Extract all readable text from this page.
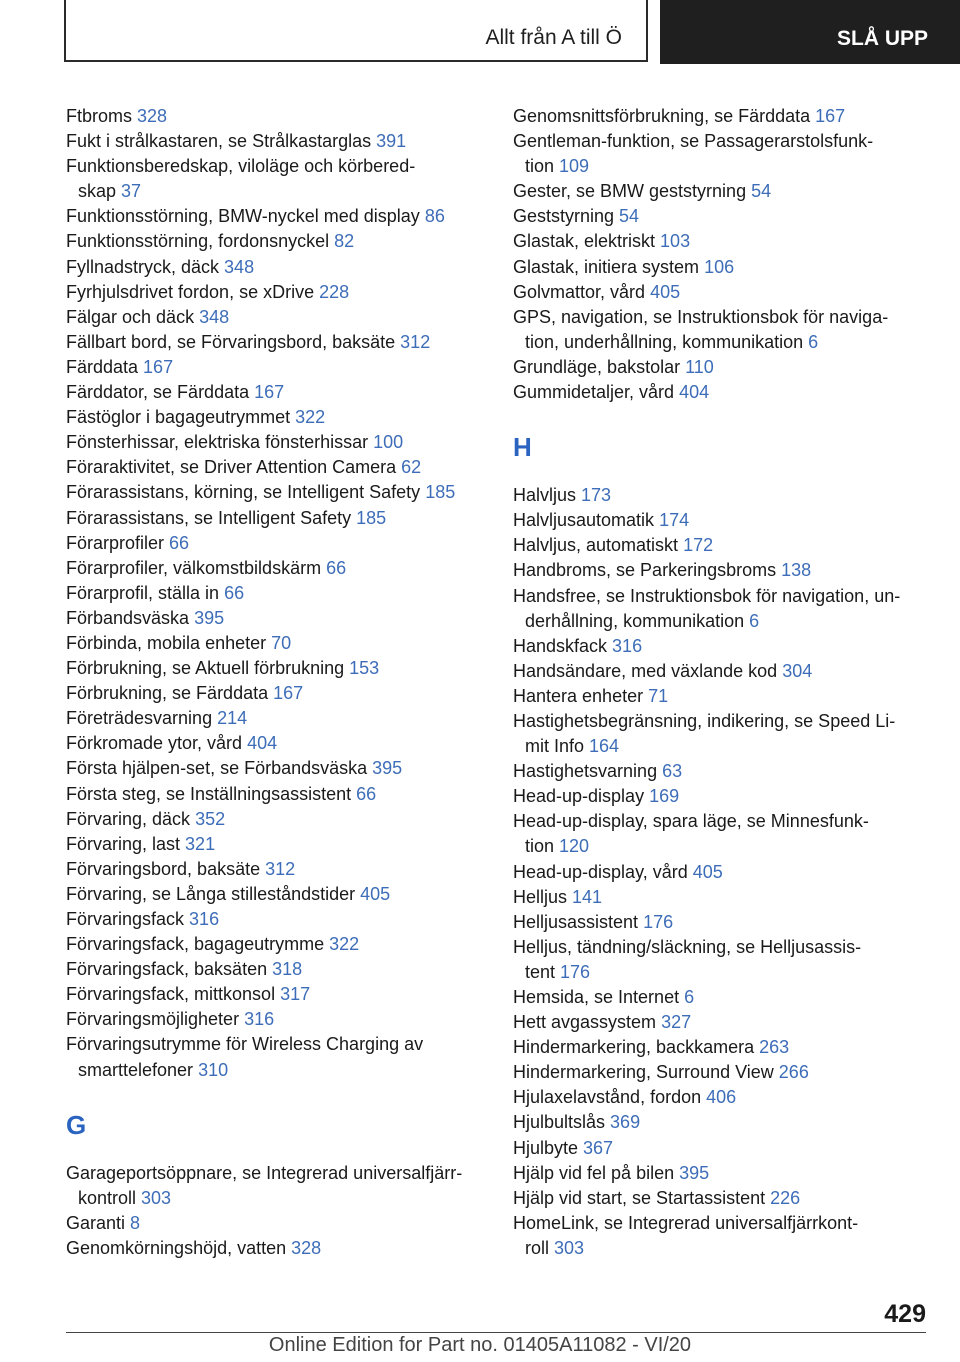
Allt från A till Ö	SLÅ UPP
Ftbroms 328
Fukt i strålkastaren, se Strålkastarglas 391
Funktionsberedskap, viloläge och körbered-
skap 37
Funktionsstörning, BMW-nyckel med display 86
Funktionsstörning, fordonsnyckel 82
Fyllnadstryck, däck 348
Fyrhjulsdrivet fordon, se xDrive 228
Fälgar och däck 348
Fällbart bord, se Förvaringsbord, baksäte 312
Färddata 167
Färddator, se Färddata 167
Fästöglor i bagageutrymmet 322
Fönsterhissar, elektriska fönsterhissar 100
Föraraktivitet, se Driver Attention Camera 62
Förarassistans, körning, se Intelligent Safety 185
Förarassistans, se Intelligent Safety 185
Förarprofiler 66
Förarprofiler, välkomstbildskärm 66
Förarprofil, ställa in 66
Förbandsväska 395
Förbinda, mobila enheter 70
Förbrukning, se Aktuell förbrukning 153
Förbrukning, se Färddata 167
Företrädesvarning 214
Förkromade ytor, vård 404
Första hjälpen-set, se Förbandsväska 395
Första steg, se Inställningsassistent 66
Förvaring, däck 352
Förvaring, last 321
Förvaringsbord, baksäte 312
Förvaring, se Långa stilleståndstider 405
Förvaringsfack 316
Förvaringsfack, bagageutrymme 322
Förvaringsfack, baksäten 318
Förvaringsfack, mittkonsol 317
Förvaringsmöjligheter 316
Förvaringsutrymme för Wireless Charging av
smarttelefoner 310
G
Garageportsöppnare, se Integrerad universalfjärr-
kontroll 303
Garanti 8
Genomkörningshöjd, vatten 328
Genomsnittsförbrukning, se Färddata 167
Gentleman-funktion, se Passagerarstolsfunk-
tion 109
Gester, se BMW geststyrning 54
Geststyrning 54
Glastak, elektriskt 103
Glastak, initiera system 106
Golvmattor, vård 405
GPS, navigation, se Instruktionsbok för naviga-
tion, underhållning, kommunikation 6
Grundläge, bakstolar 110
Gummidetaljer, vård 404
H
Halvljus 173
Halvljusautomatik 174
Halvljus, automatiskt 172
Handbroms, se Parkeringsbroms 138
Handsfree, se Instruktionsbok för navigation, un-
derhållning, kommunikation 6
Handskfack 316
Handsändare, med växlande kod 304
Hantera enheter 71
Hastighetsbegränsning, indikering, se Speed Li-
mit Info 164
Hastighetsvarning 63
Head-up-display 169
Head-up-display, spara läge, se Minnesfunk-
tion 120
Head-up-display, vård 405
Helljus 141
Helljusassistent 176
Helljus, tändning/släckning, se Helljusassis-
tent 176
Hemsida, se Internet 6
Hett avgassystem 327
Hindermarkering, backkamera 263
Hindermarkering, Surround View 266
Hjulaxelavstånd, fordon 406
Hjulbultslås 369
Hjulbyte 367
Hjälp vid fel på bilen 395
Hjälp vid start, se Startassistent 226
HomeLink, se Integrerad universalfjärrkont-
roll 303
429
Online Edition for Part no. 01405A11082 - VI/20
